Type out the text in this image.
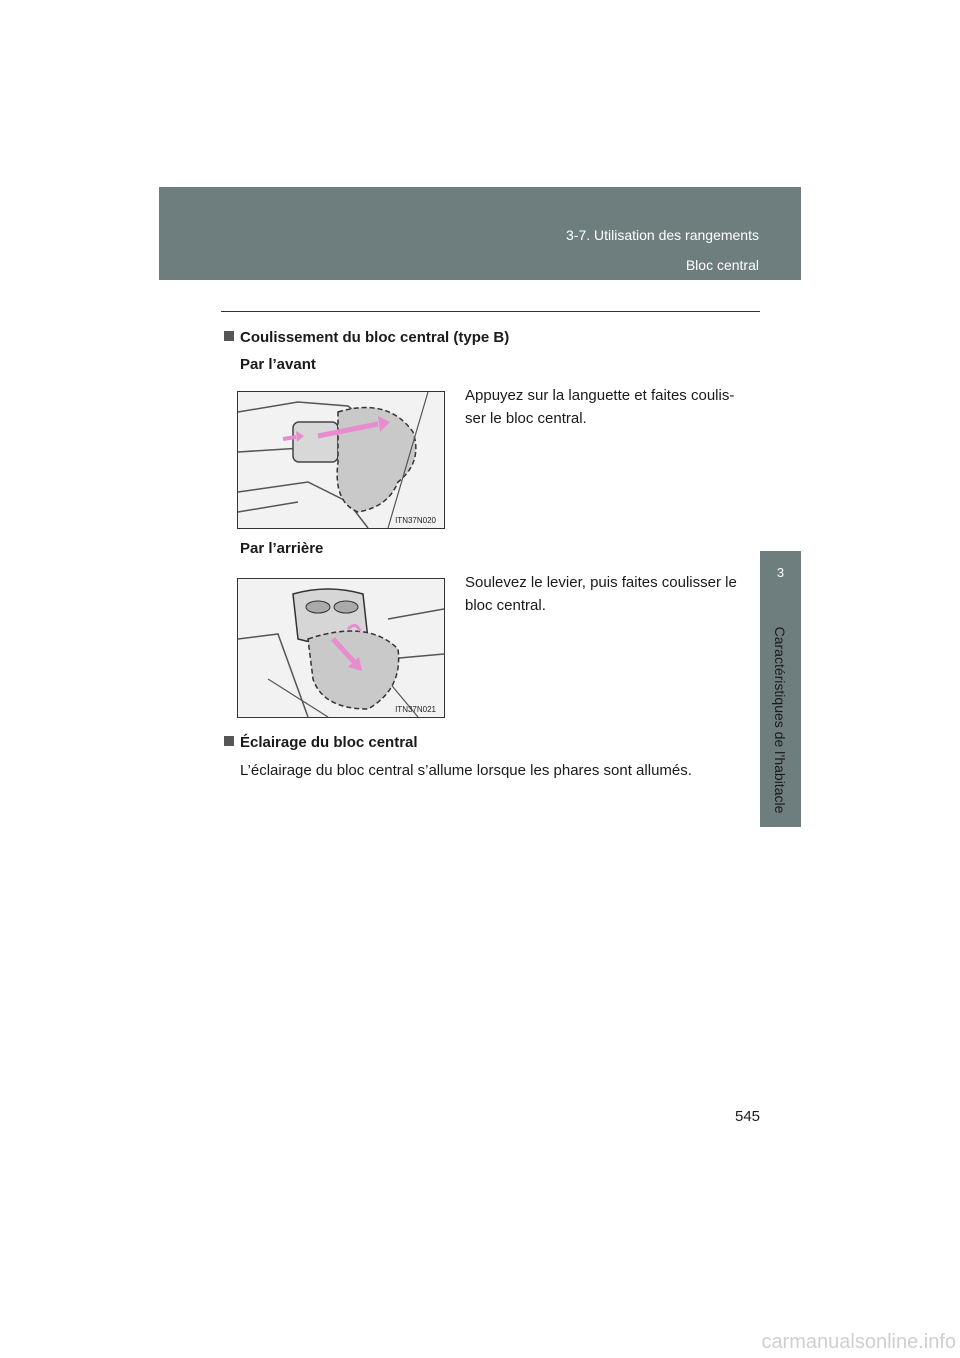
3-7. Utilisation des rangements
Bloc central
3
Caractéristiques de l’habitacle
Coulissement du bloc central (type B)
Par l’avant
Appuyez sur la languette et faites coulis-
ser le bloc central.
ITN37N020
Par l’arrière
Soulevez le levier, puis faites coulisser le
bloc central.
ITN37N021
Éclairage du bloc central
L’éclairage du bloc central s’allume lorsque les phares sont allumés.
545
carmanualsonline.info
